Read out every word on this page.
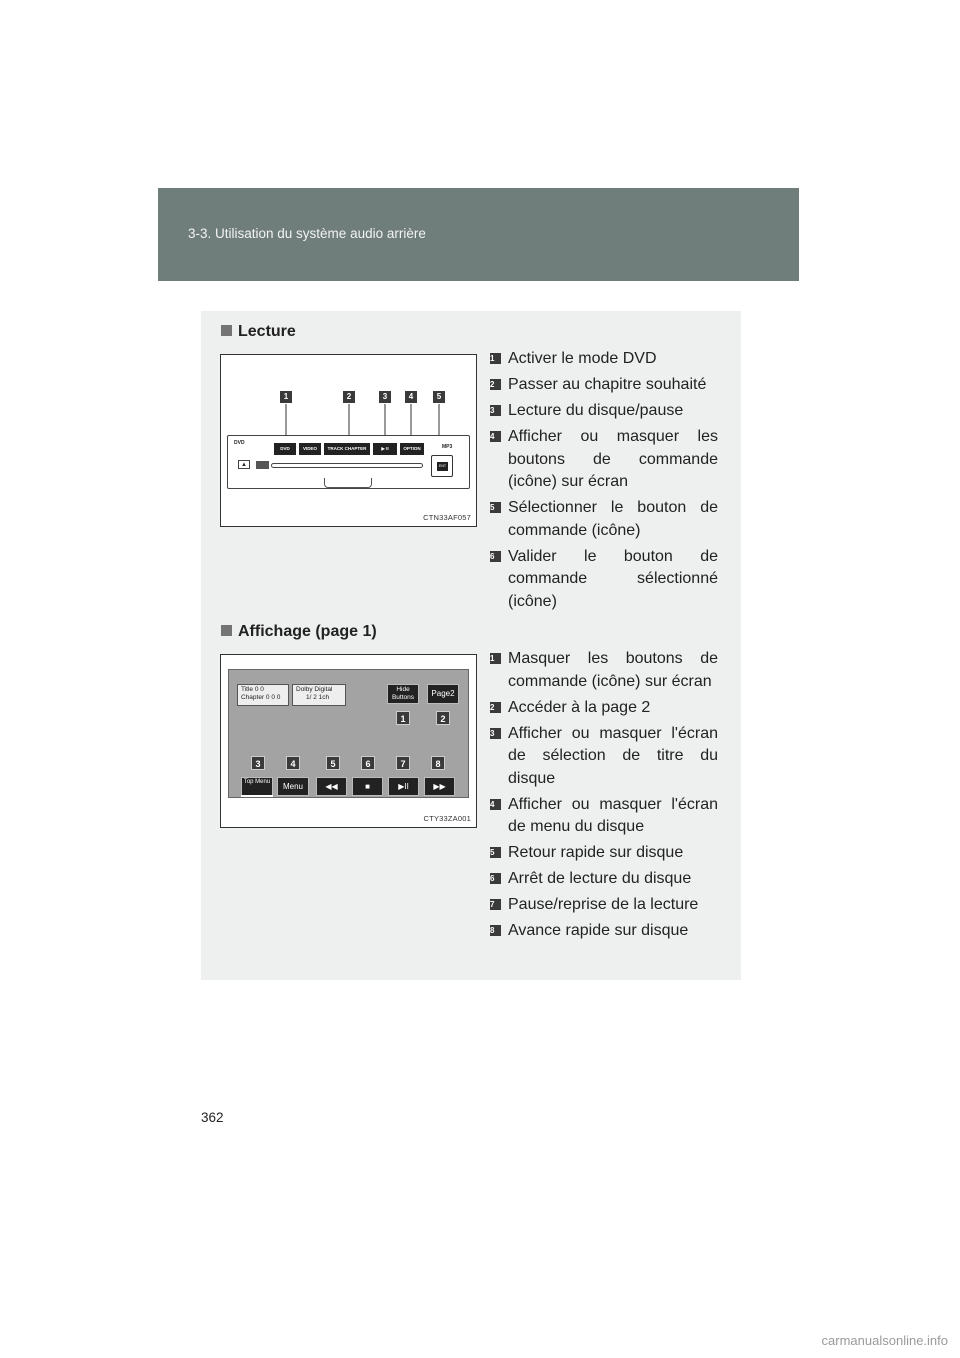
3-3. Utilisation du système audio arrière
Lecture
1	2	3	4	5
DVD
DVD	VIDEO	TRACK CHAPTER	▶ II	OPTION	MP3
▲	ENT
CTN33AF057
1 Activer le mode DVD
2 Passer au chapitre souhaité
3 Lecture du disque/pause
4 Afficher ou masquer les boutons de commande (icône) sur écran
5 Sélectionner le bouton de commande (icône)
6 Valider le bouton de commande sélectionné (icône)
Affichage (page 1)
Title 0 0
Chapter 0 0 0
Dolby Digital
1/ 2 1ch
Hide Buttons	Page2
1	2
3	4	5	6	7	8
Top Menu	Menu	◀◀	■	▶II	▶▶
CTY33ZA001
1 Masquer les boutons de commande (icône) sur écran
2 Accéder à la page 2
3 Afficher ou masquer l'écran de sélection de titre du disque
4 Afficher ou masquer l'écran de menu du disque
5 Retour rapide sur disque
6 Arrêt de lecture du disque
7 Pause/reprise de la lecture
8 Avance rapide sur disque
362
carmanualsonline.info
